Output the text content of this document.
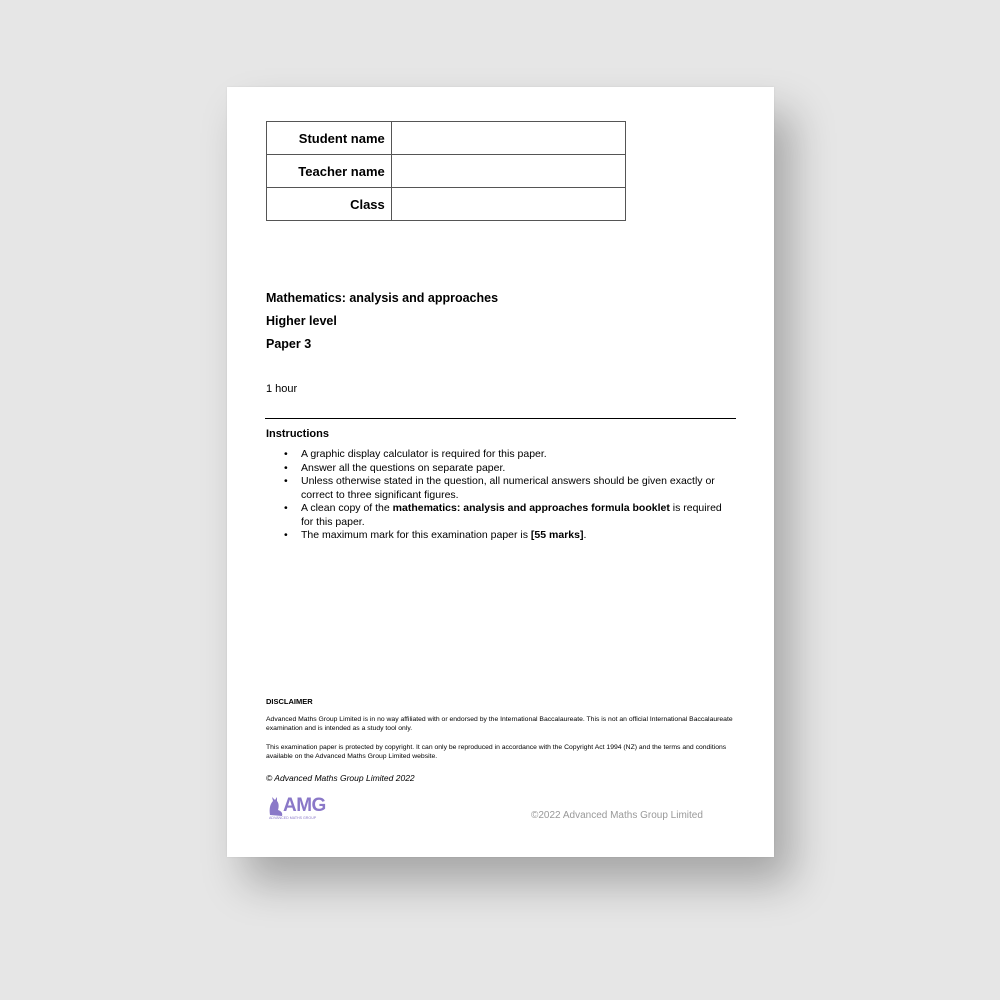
Student name	
Teacher name	
Class	
Mathematics: analysis and approaches
Higher level
Paper 3
1 hour
Instructions
• A graphic display calculator is required for this paper.
• Answer all the questions on separate paper.
• Unless otherwise stated in the question, all numerical answers should be given exactly or correct to three significant figures.
• A clean copy of the mathematics: analysis and approaches formula booklet is required for this paper.
• The maximum mark for this examination paper is [55 marks].
DISCLAIMER

Advanced Maths Group Limited is in no way affiliated with or endorsed by the International Baccalaureate. This is not an official International Baccalaureate examination and is intended as a study tool only.

This examination paper is protected by copyright. It can only be reproduced in accordance with the Copyright Act 1994 (NZ) and the terms and conditions available on the Advanced Maths Group Limited website.

© Advanced Maths Group Limited 2022
AMG
ADVANCED MATHS GROUP	©2022 Advanced Maths Group Limited
